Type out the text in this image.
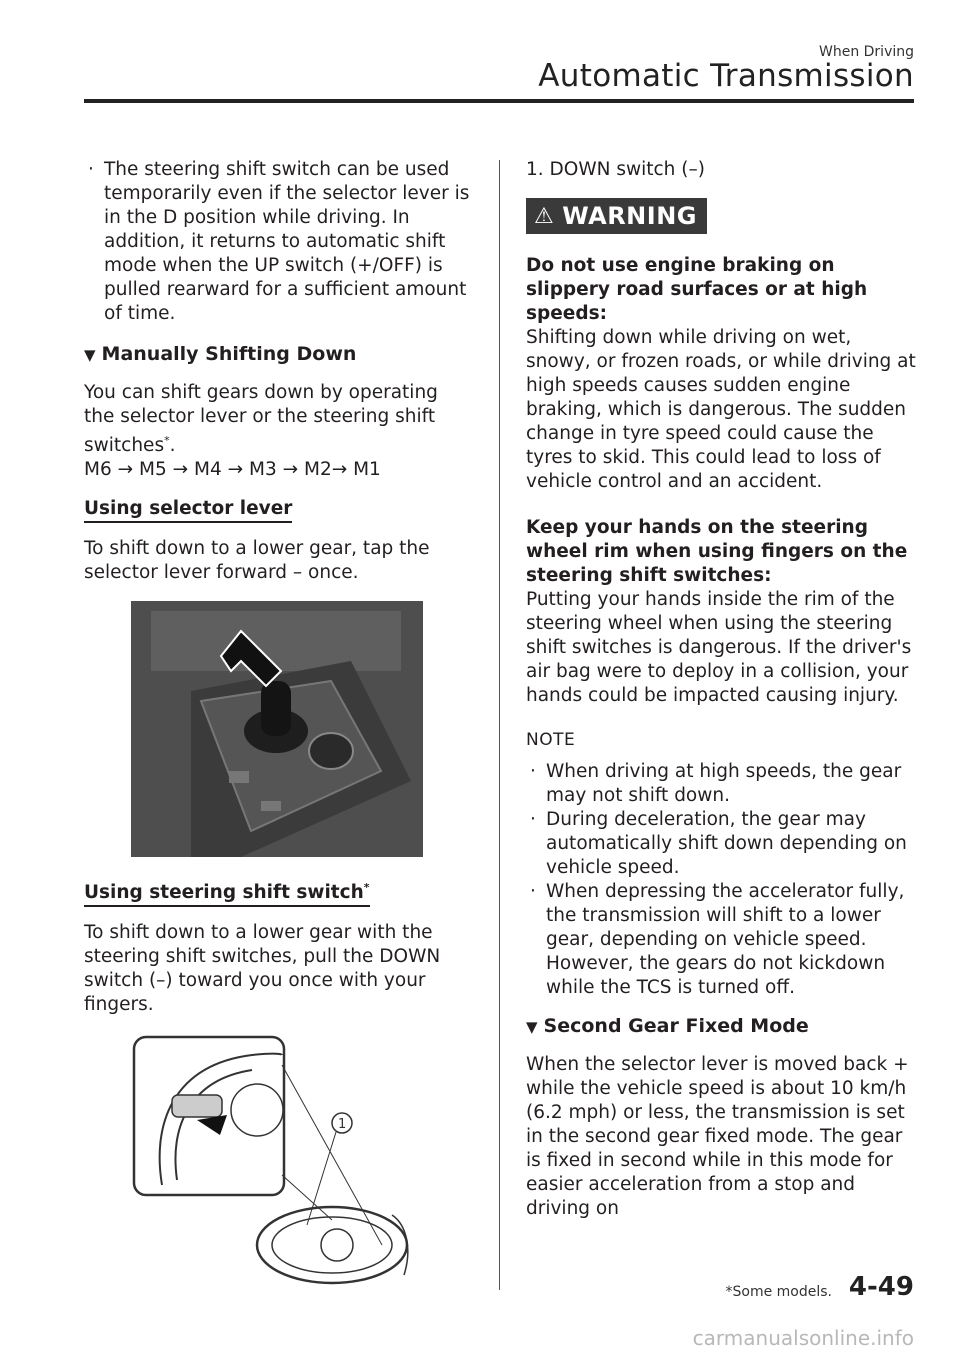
When Driving
Automatic Transmission
· The steering shift switch can be used temporarily even if the selector lever is in the D position while driving. In addition, it returns to automatic shift mode when the UP switch (+/OFF) is pulled rearward for a sufficient amount of time.
▼ Manually Shifting Down

You can shift gears down by operating the selector lever or the steering shift switches*.

M6 → M5 → M4 → M3 → M2→ M1

Using selector lever

To shift down to a lower gear, tap the selector lever forward – once.

Using steering shift switch*

To shift down to a lower gear with the steering shift switches, pull the DOWN switch (–) toward you once with your fingers.

1

1. DOWN switch (–)

⚠ WARNING
Do not use engine braking on slippery road surfaces or at high speeds:

Shifting down while driving on wet, snowy, or frozen roads, or while driving at high speeds causes sudden engine braking, which is dangerous. The sudden change in tyre speed could cause the tyres to skid. This could lead to loss of vehicle control and an accident.

Keep your hands on the steering wheel rim when using fingers on the steering shift switches:

Putting your hands inside the rim of the steering wheel when using the steering shift switches is dangerous. If the driver's air bag were to deploy in a collision, your hands could be impacted causing injury.

NOTE
· When driving at high speeds, the gear may not shift down.
· During deceleration, the gear may automatically shift down depending on vehicle speed.
· When depressing the accelerator fully, the transmission will shift to a lower gear, depending on vehicle speed. However, the gears do not kickdown while the TCS is turned off.
▼ Second Gear Fixed Mode

When the selector lever is moved back + while the vehicle speed is about 10 km/h (6.2 mph) or less, the transmission is set in the second gear fixed mode. The gear is fixed in second while in this mode for easier acceleration from a stop and driving on

*Some models. 4-49
carmanualsonline.info
